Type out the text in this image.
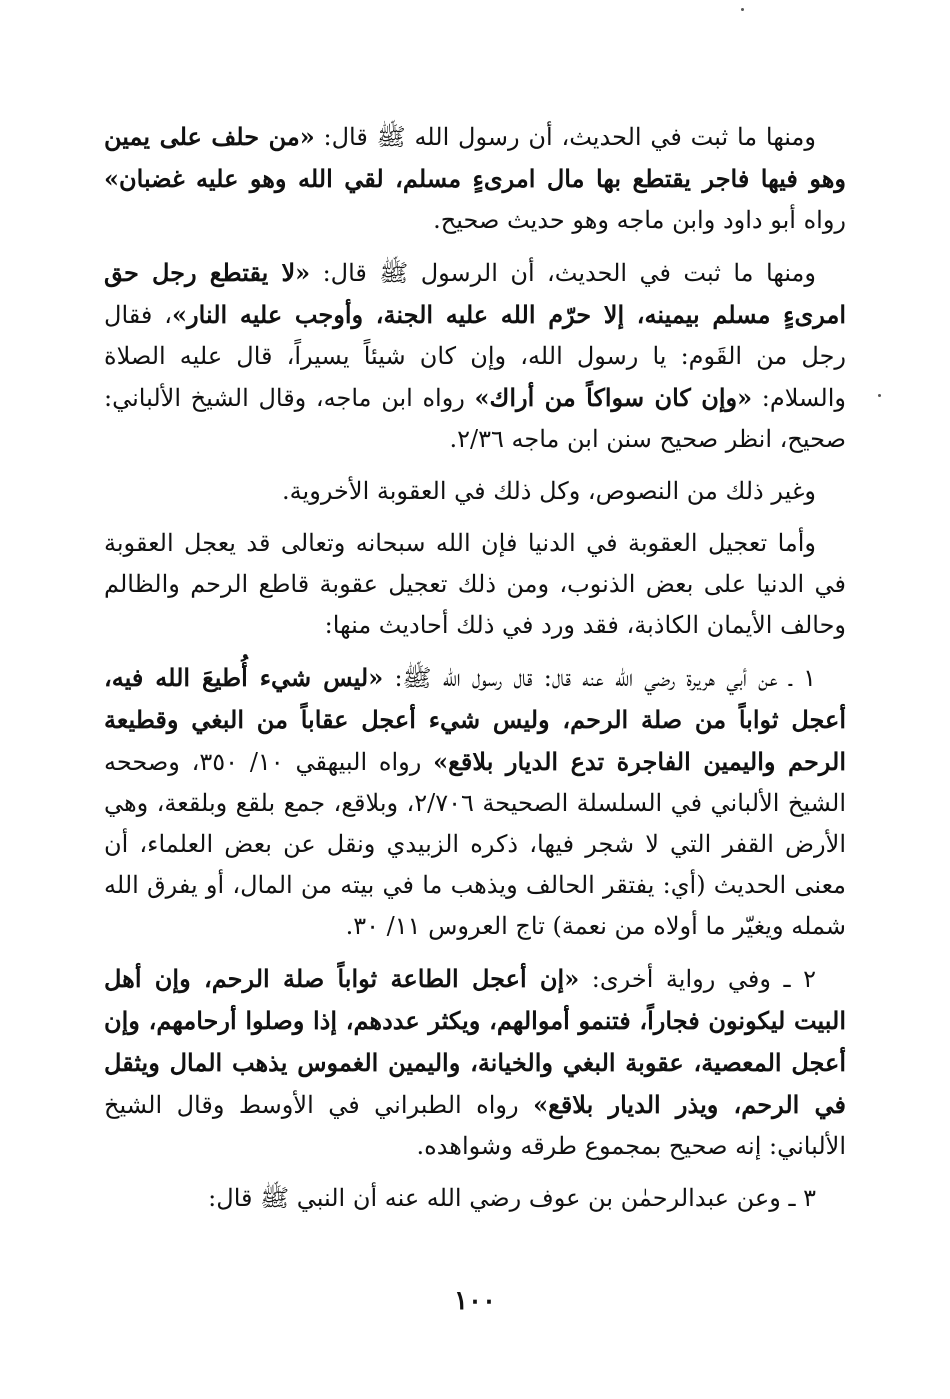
ومنها ما ثبت في الحديث، أن رسول الله ﷺ قال: «من حلف على يمين وهو فيها فاجر يقتطع بها مال امرىءٍ مسلم، لقي الله وهو عليه غضبان» رواه أبو داود وابن ماجه وهو حديث صحيح.

ومنها ما ثبت في الحديث، أن الرسول ﷺ قال: «لا يقتطع رجل حق امرىءٍ مسلم بيمينه، إلا حرّم الله عليه الجنة، وأوجب عليه النار»، فقال رجل من القَوم: يا رسول الله، وإن كان شيئاً يسيراً، قال عليه الصلاة والسلام: «وإن كان سواكاً من أراك» رواه ابن ماجه، وقال الشيخ الألباني: صحيح، انظر صحيح سنن ابن ماجه ٢/٣٦.

وغير ذلك من النصوص، وكل ذلك في العقوبة الأخروية.

وأما تعجيل العقوبة في الدنيا فإن الله سبحانه وتعالى قد يعجل العقوبة في الدنيا على بعض الذنوب، ومن ذلك تعجيل عقوبة قاطع الرحم والظالم وحالف الأيمان الكاذبة، فقد ورد في ذلك أحاديث منها:

١ ـ عن أبي هريرة رضي الله عنه قال: قال رسول الله ﷺ: «ليس شيء أُطيعَ الله فيه، أعجل ثواباً من صلة الرحم، وليس شيء أعجل عقاباً من البغي وقطيعة الرحم واليمين الفاجرة تدع الديار بلاقع» رواه البيهقي ١٠/ ٣٥٠، وصححه الشيخ الألباني في السلسلة الصحيحة ٢/٧٠٦، وبلاقع، جمع بلقع وبلقعة، وهي الأرض القفر التي لا شجر فيها، ذكره الزبيدي ونقل عن بعض العلماء، أن معنى الحديث (أي: يفتقر الحالف ويذهب ما في بيته من المال، أو يفرق الله شمله ويغيّر ما أولاه من نعمة) تاج العروس ١١/ ٣٠.

٢ ـ وفي رواية أخرى: «إن أعجل الطاعة ثواباً صلة الرحم، وإن أهل البيت ليكونون فجاراً، فتنمو أموالهم، ويكثر عددهم، إذا وصلوا أرحامهم، وإن أعجل المعصية، عقوبة البغي والخيانة، واليمين الغموس يذهب المال ويثقل في الرحم، ويذر الديار بلاقع» رواه الطبراني في الأوسط وقال الشيخ الألباني: إنه صحيح بمجموع طرقه وشواهده.

٣ ـ وعن عبدالرحمٰن بن عوف رضي الله عنه أن النبي ﷺ قال:

١٠٠
